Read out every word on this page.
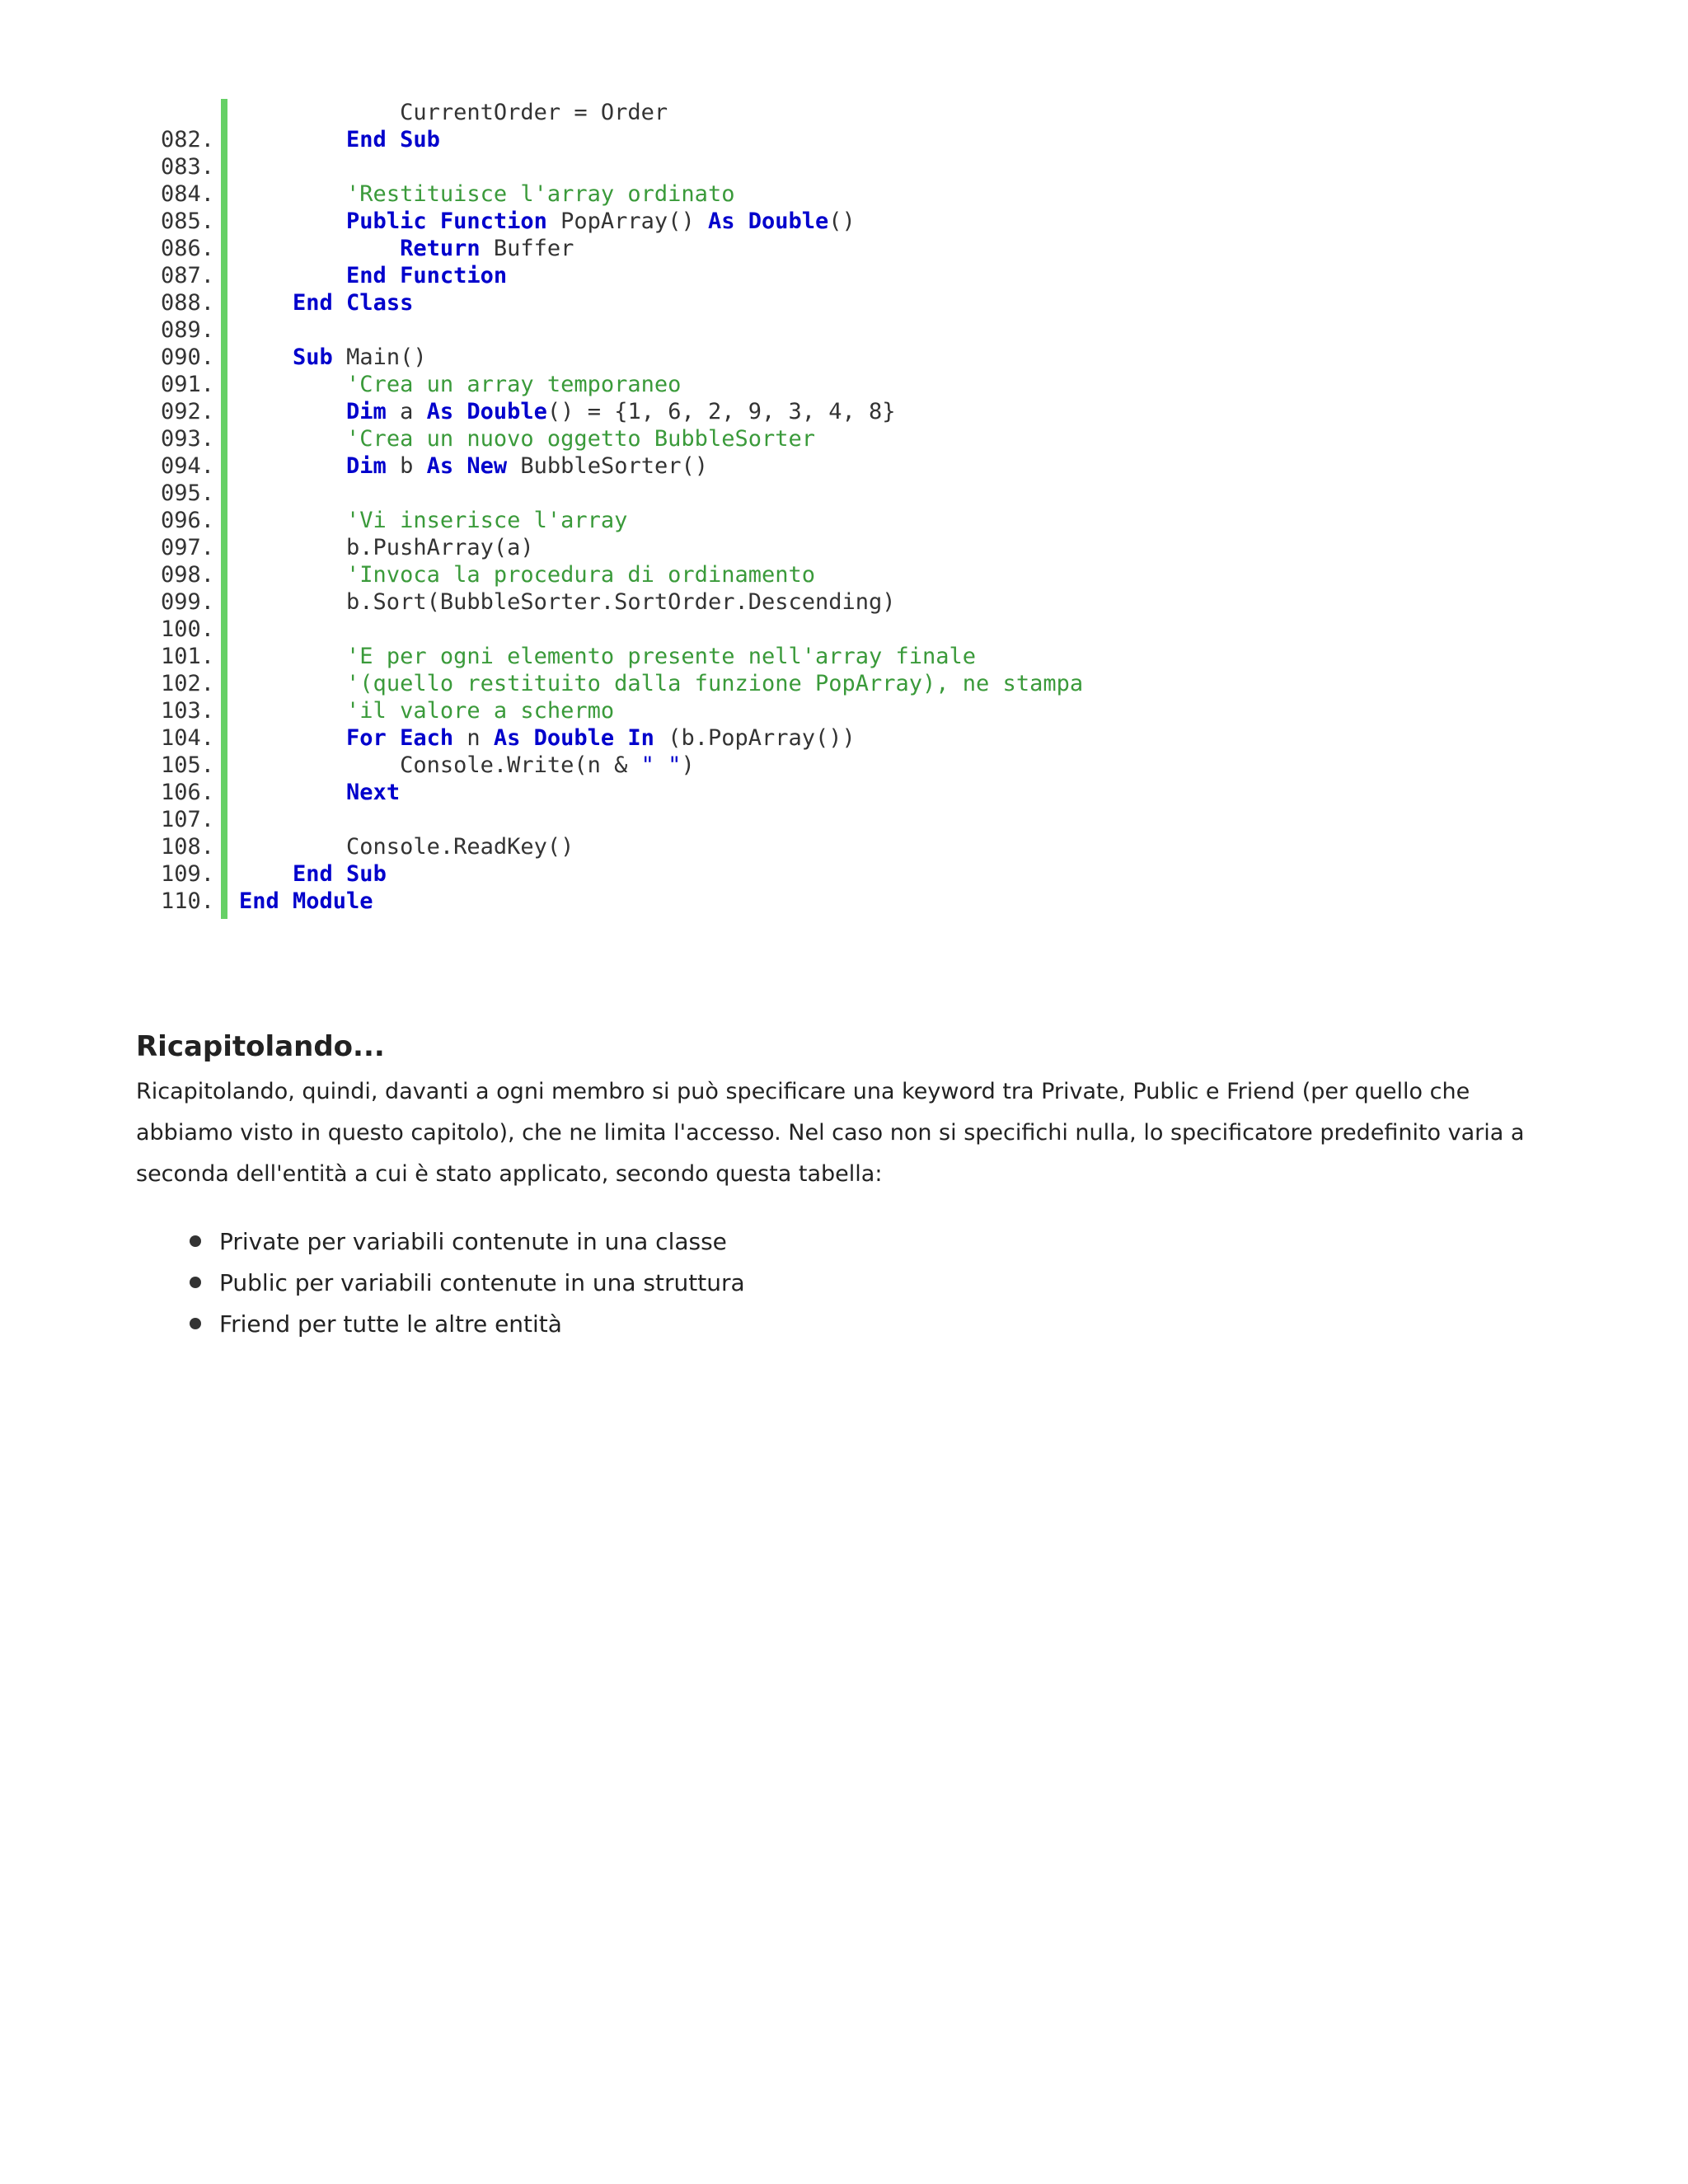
CurrentOrder = Order
082.	End Sub
083.
084.	'Restituisce l'array ordinato
085.	Public Function PopArray() As Double()
086.	Return Buffer
087.	End Function
088.	End Class
089.
090.	Sub Main()
091.	'Crea un array temporaneo
092.	Dim a As Double() = {1, 6, 2, 9, 3, 4, 8}
093.	'Crea un nuovo oggetto BubbleSorter
094.	Dim b As New BubbleSorter()
095.
096.	'Vi inserisce l'array
097. b.PushArray(a)
098.	'Invoca la procedura di ordinamento
099. b.Sort(BubbleSorter.SortOrder.Descending)
100.
101.	'E per ogni elemento presente nell'array finale
102.	'(quello restituito dalla funzione PopArray), ne stampa
103.	'il valore a schermo
104.	For Each n As Double In (b.PopArray())
105. Console.Write(n & " ")
106.	Next
107.
108. Console.ReadKey()
109.	End Sub
110. End Module
Ricapitolando...
Ricapitolando, quindi, davanti a ogni membro si può specificare una keyword tra Private, Public e Friend (per quello che abbiamo visto in questo capitolo), che ne limita l'accesso. Nel caso non si specifichi nulla, lo specificatore predefinito varia a seconda dell'entità a cui è stato applicato, secondo questa tabella:
Private per variabili contenute in una classe
Public per variabili contenute in una struttura
Friend per tutte le altre entità
